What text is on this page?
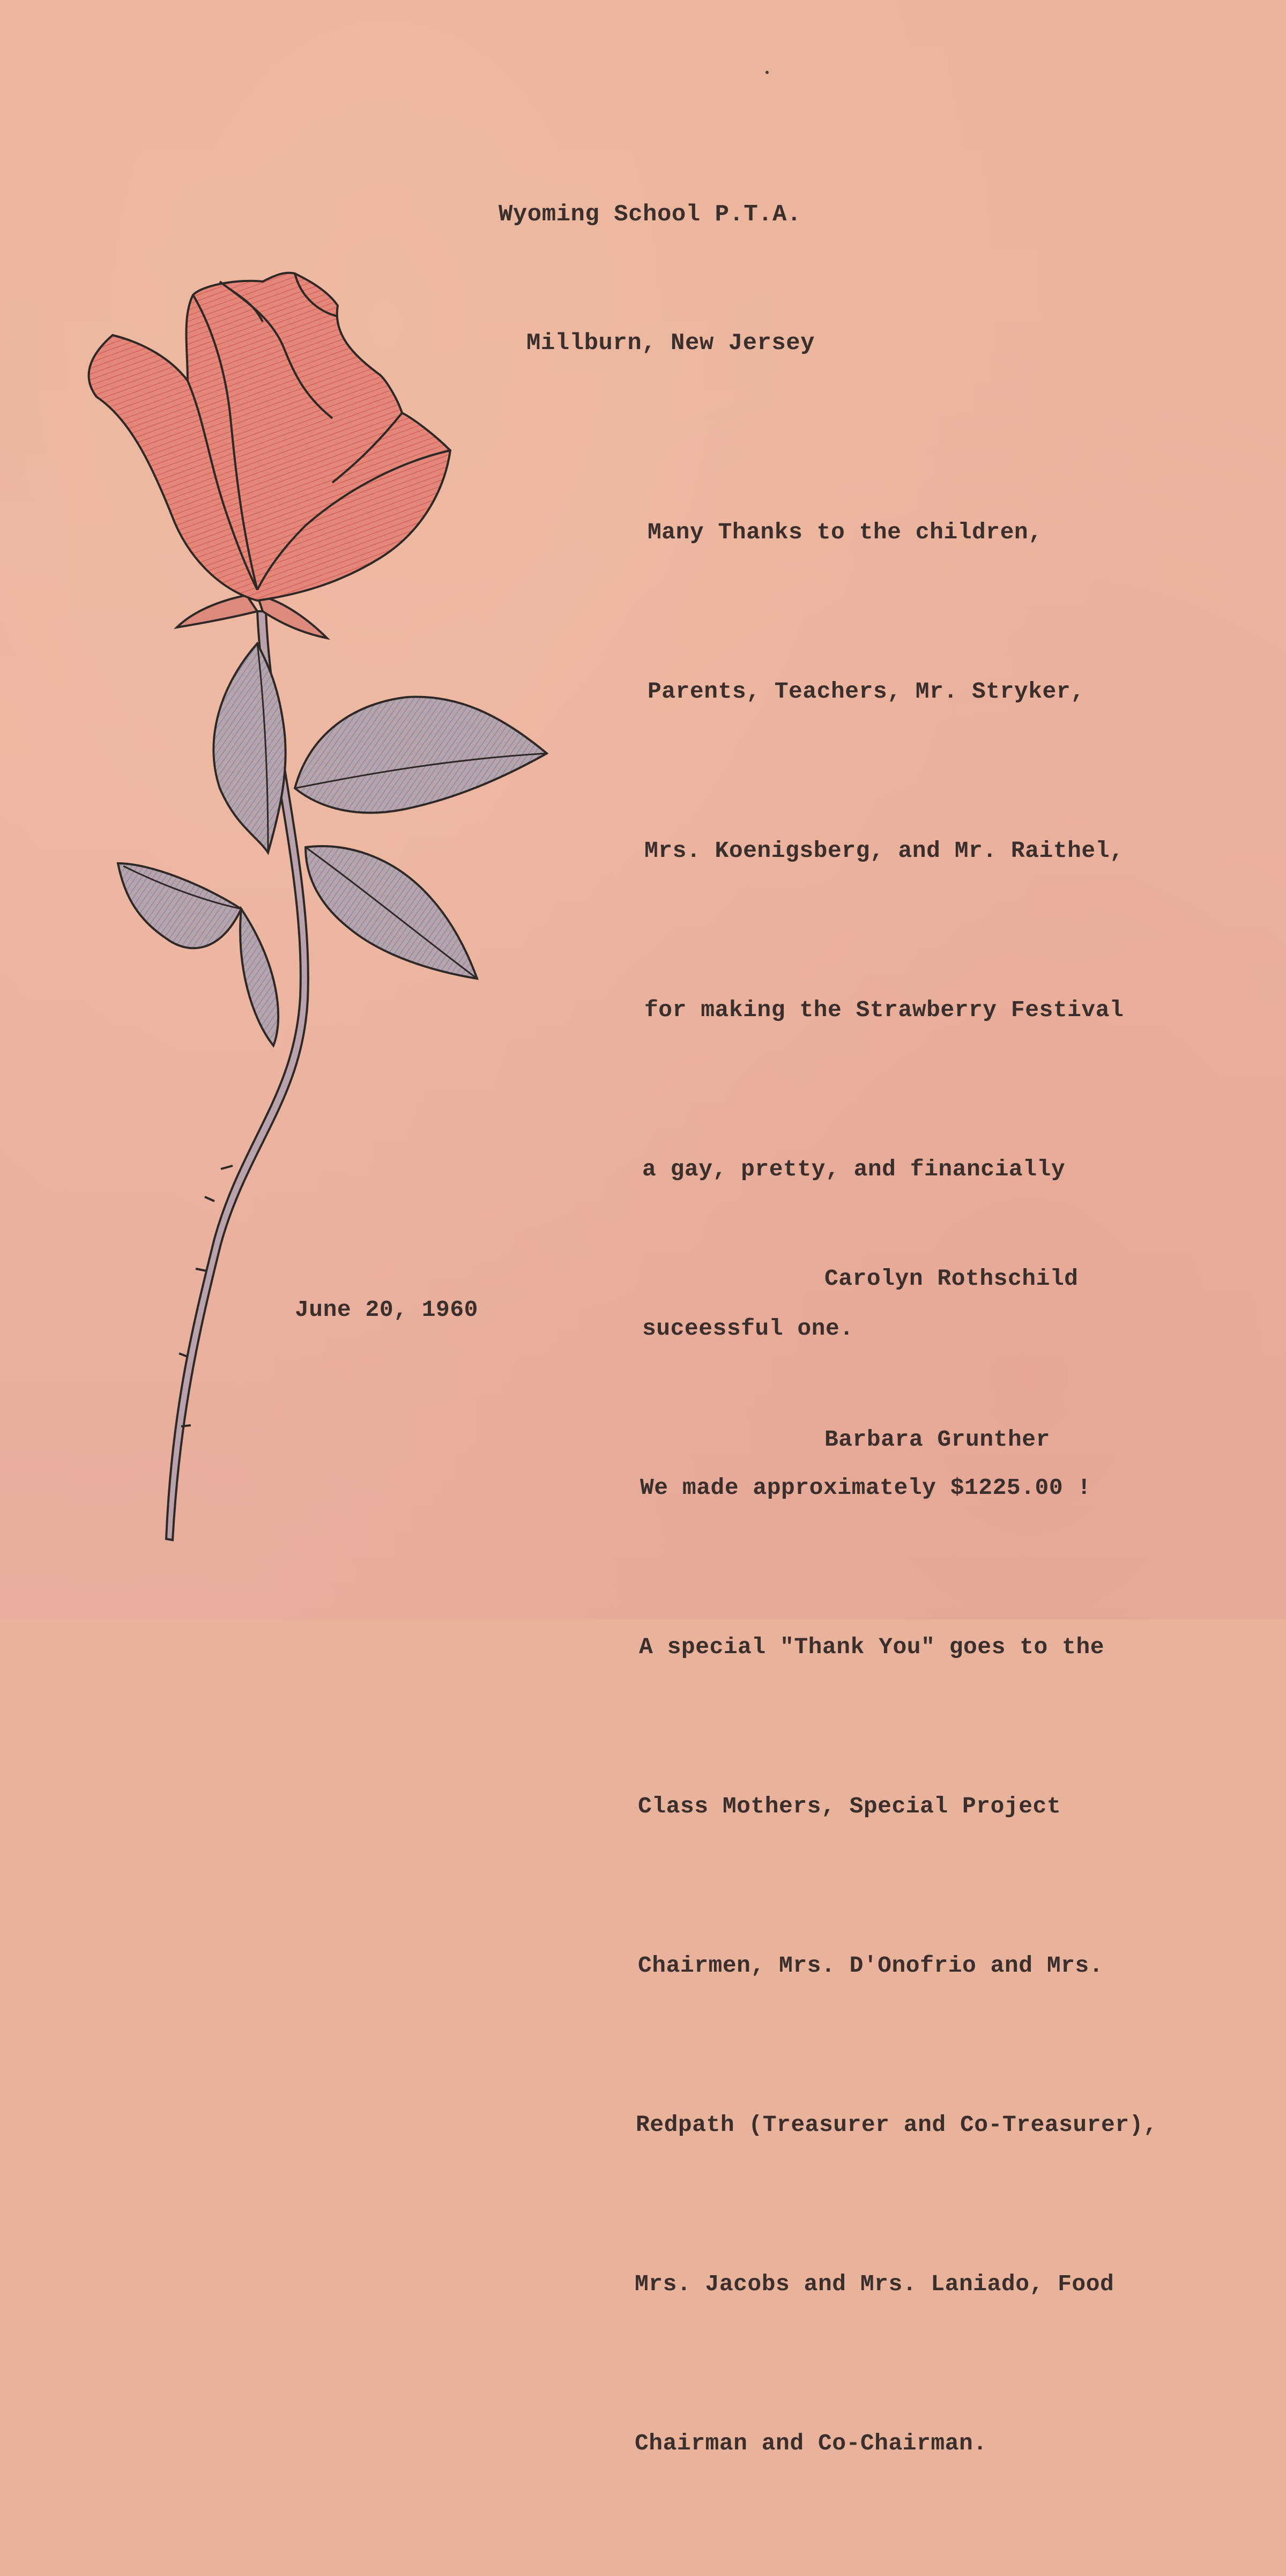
Wyoming School P.T.A.

Millburn, New Jersey

Many Thanks to the children,

Parents, Teachers, Mr. Stryker,

Mrs. Koenigsberg, and Mr. Raithel,

for making the Strawberry Festival

a gay, pretty, and financially

suceessful one.

We made approximately $1225.00 !

A special "Thank You" goes to the

Class Mothers, Special Project

Chairmen, Mrs. D'Onofrio and Mrs.

Redpath (Treasurer and Co-Treasurer),

Mrs. Jacobs and Mrs. Laniado, Food

Chairman and Co-Chairman.

Carolyn Rothschild

Barbara Grunther

June 20, 1960
